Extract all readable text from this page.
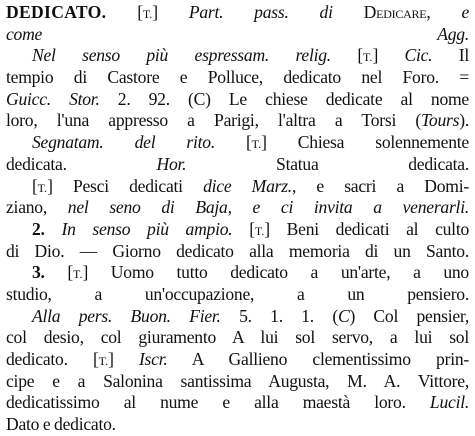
DEDICATO. [T.] Part. pass. di Dedicare, e
come Agg.
Nel senso più espressam. relig. [T.] Cic. Il
tempio di Castore e Polluce, dedicato nel Foro. =
Guicc. Stor. 2. 92. (C) Le chiese dedicate al nome
loro, l'una appresso a Parigi, l'altra a Torsi (Tours).
Segnatam. del rito. [T.] Chiesa solennemente
dedicata. Hor. Statua dedicata.
[T.] Pesci dedicati dice Marz., e sacri a Domi-
ziano, nel seno di Baja, e ci invita a venerarli.
2. In senso più ampio. [T.] Beni dedicati al culto
di Dio. — Giorno dedicato alla memoria di un Santo.
3. [T.] Uomo tutto dedicato a un'arte, a uno
studio, a un'occupazione, a un pensiero.
Alla pers. Buon. Fier. 5. 1. 1. (C) Col pensier,
col desio, col giuramento A lui sol servo, a lui sol
dedicato. [T.] Iscr. A Gallieno clementissimo prin-
cipe e a Salonina santissima Augusta, M. A. Vittore,
dedicatissimo al nume e alla maestà loro. Lucil.
Dato e dedicato.
